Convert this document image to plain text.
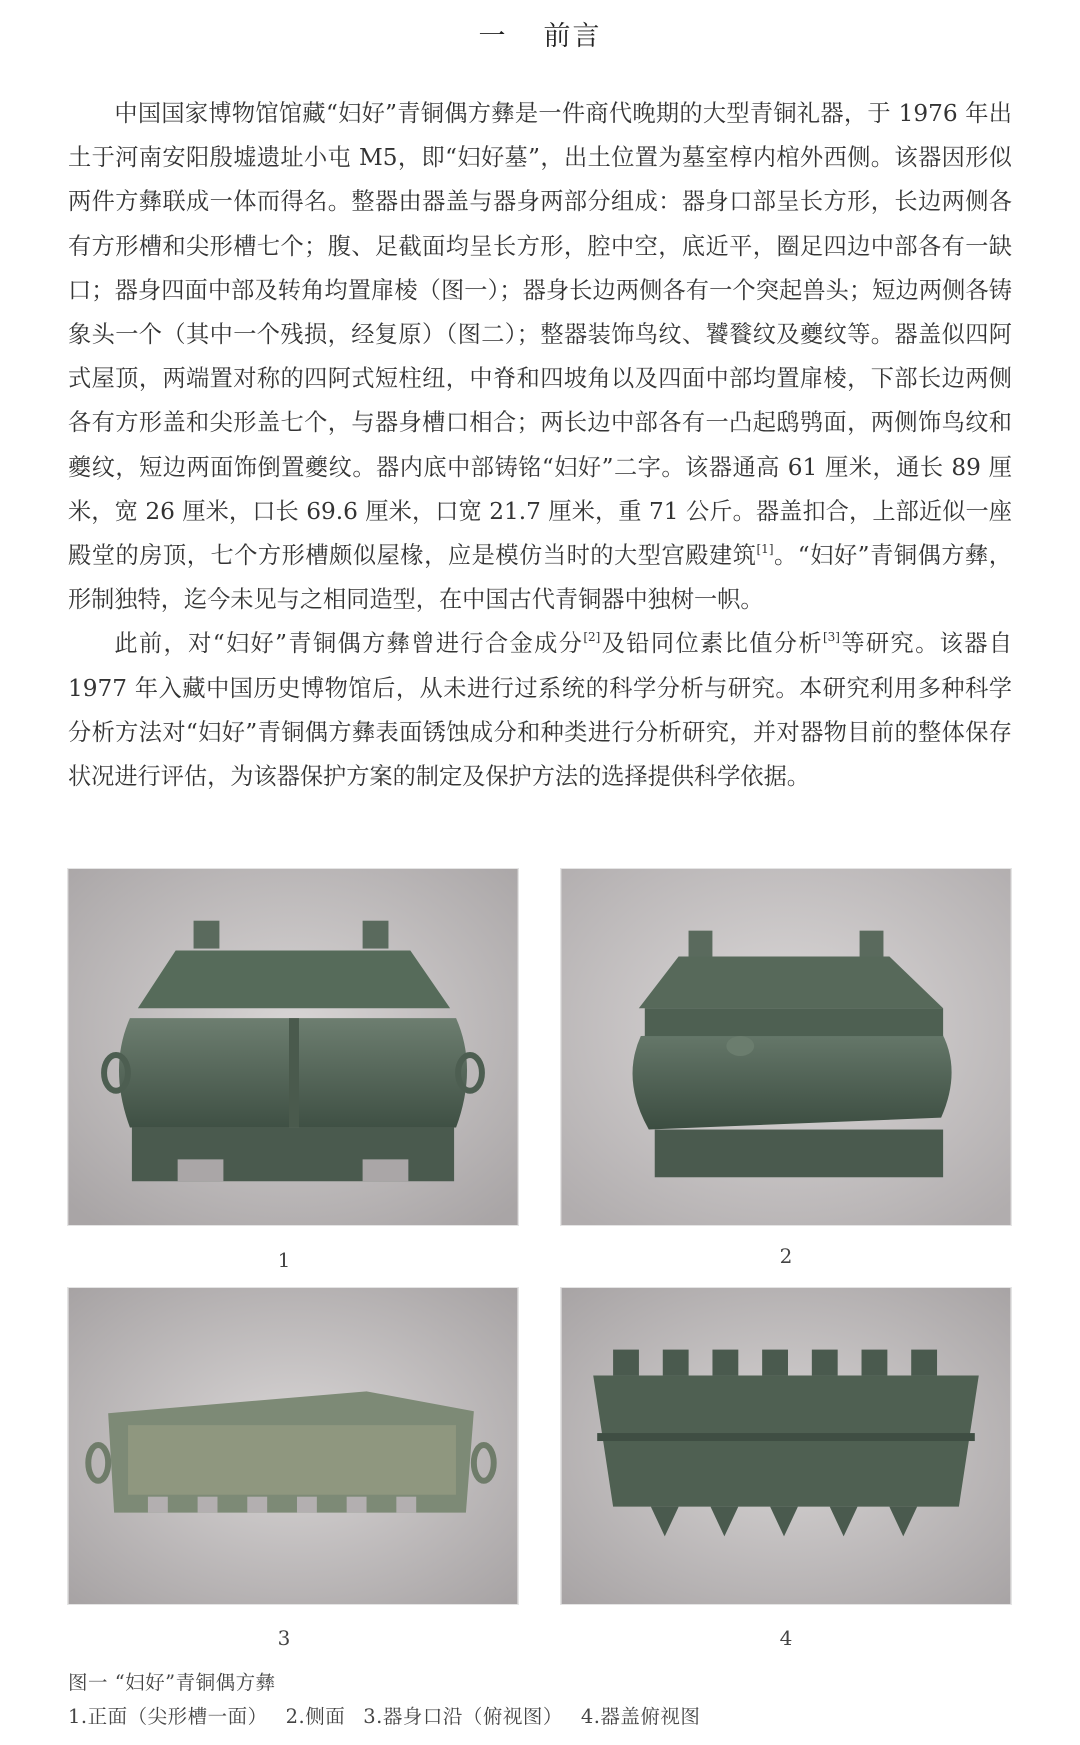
一 前言

中国国家博物馆馆藏“妇好”青铜偶方彝是一件商代晚期的大型青铜礼器，于 1976 年出土于河南安阳殷墟遗址小屯 M5，即“妇好墓”，出土位置为墓室椁内棺外西侧。该器因形似两件方彝联成一体而得名。整器由器盖与器身两部分组成：器身口部呈长方形，长边两侧各有方形槽和尖形槽七个；腹、足截面均呈长方形，腔中空，底近平，圈足四边中部各有一缺口；器身四面中部及转角均置扉棱（图一）；器身长边两侧各有一个突起兽头；短边两侧各铸象头一个（其中一个残损，经复原）（图二）；整器装饰鸟纹、饕餮纹及夔纹等。器盖似四阿式屋顶，两端置对称的四阿式短柱纽，中脊和四坡角以及四面中部均置扉棱，下部长边两侧各有方形盖和尖形盖七个，与器身槽口相合；两长边中部各有一凸起鸱鸮面，两侧饰鸟纹和夔纹，短边两面饰倒置夔纹。器内底中部铸铭“妇好”二字。该器通高 61 厘米，通长 89 厘米，宽 26 厘米，口长 69.6 厘米，口宽 21.7 厘米，重 71 公斤。器盖扣合，上部近似一座殿堂的房顶，七个方形槽颇似屋椽，应是模仿当时的大型宫殿建筑[1]。“妇好”青铜偶方彝，形制独特，迄今未见与之相同造型，在中国古代青铜器中独树一帜。

此前，对“妇好”青铜偶方彝曾进行合金成分[2]及铅同位素比值分析[3]等研究。该器自 1977 年入藏中国历史博物馆后，从未进行过系统的科学分析与研究。本研究利用多种科学分析方法对“妇好”青铜偶方彝表面锈蚀成分和种类进行分析研究，并对器物目前的整体保存状况进行评估，为该器保护方案的制定及保护方法的选择提供科学依据。

1	2
3	4
图一 “妇好”青铜偶方彝
1.正面（尖形槽一面） 2.侧面 3.器身口沿（俯视图） 4.器盖俯视图
